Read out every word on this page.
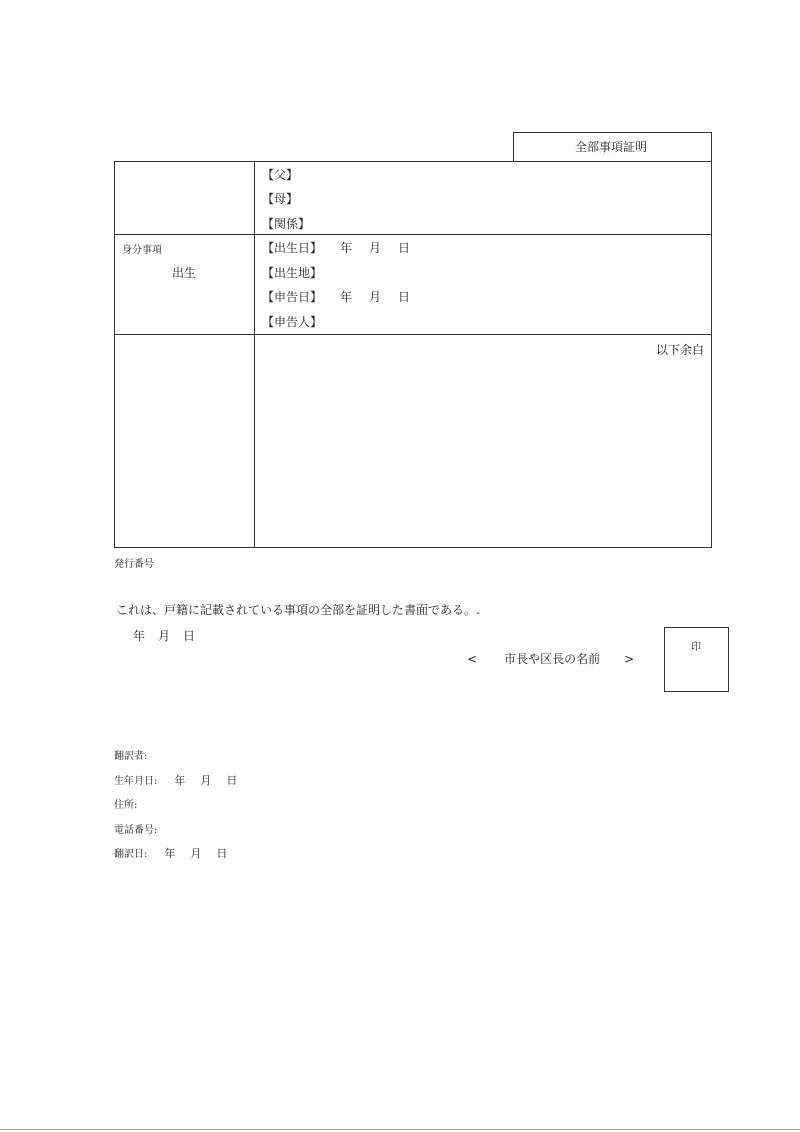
全部事項証明
【父】
【母】
【関係】
身分事項
出生
【出生日】 年 月 日
【出生地】
【申告日】 年 月 日
【申告人】
以下余白
発行番号
これは、戸籍に記載されている事項の全部を証明した書面である。.
年 月 日
< 市長や区長の名前 >
印
翻訳者:
生年月日: 年 月 日
住所:
電話番号:
翻訳日: 年 月 日
